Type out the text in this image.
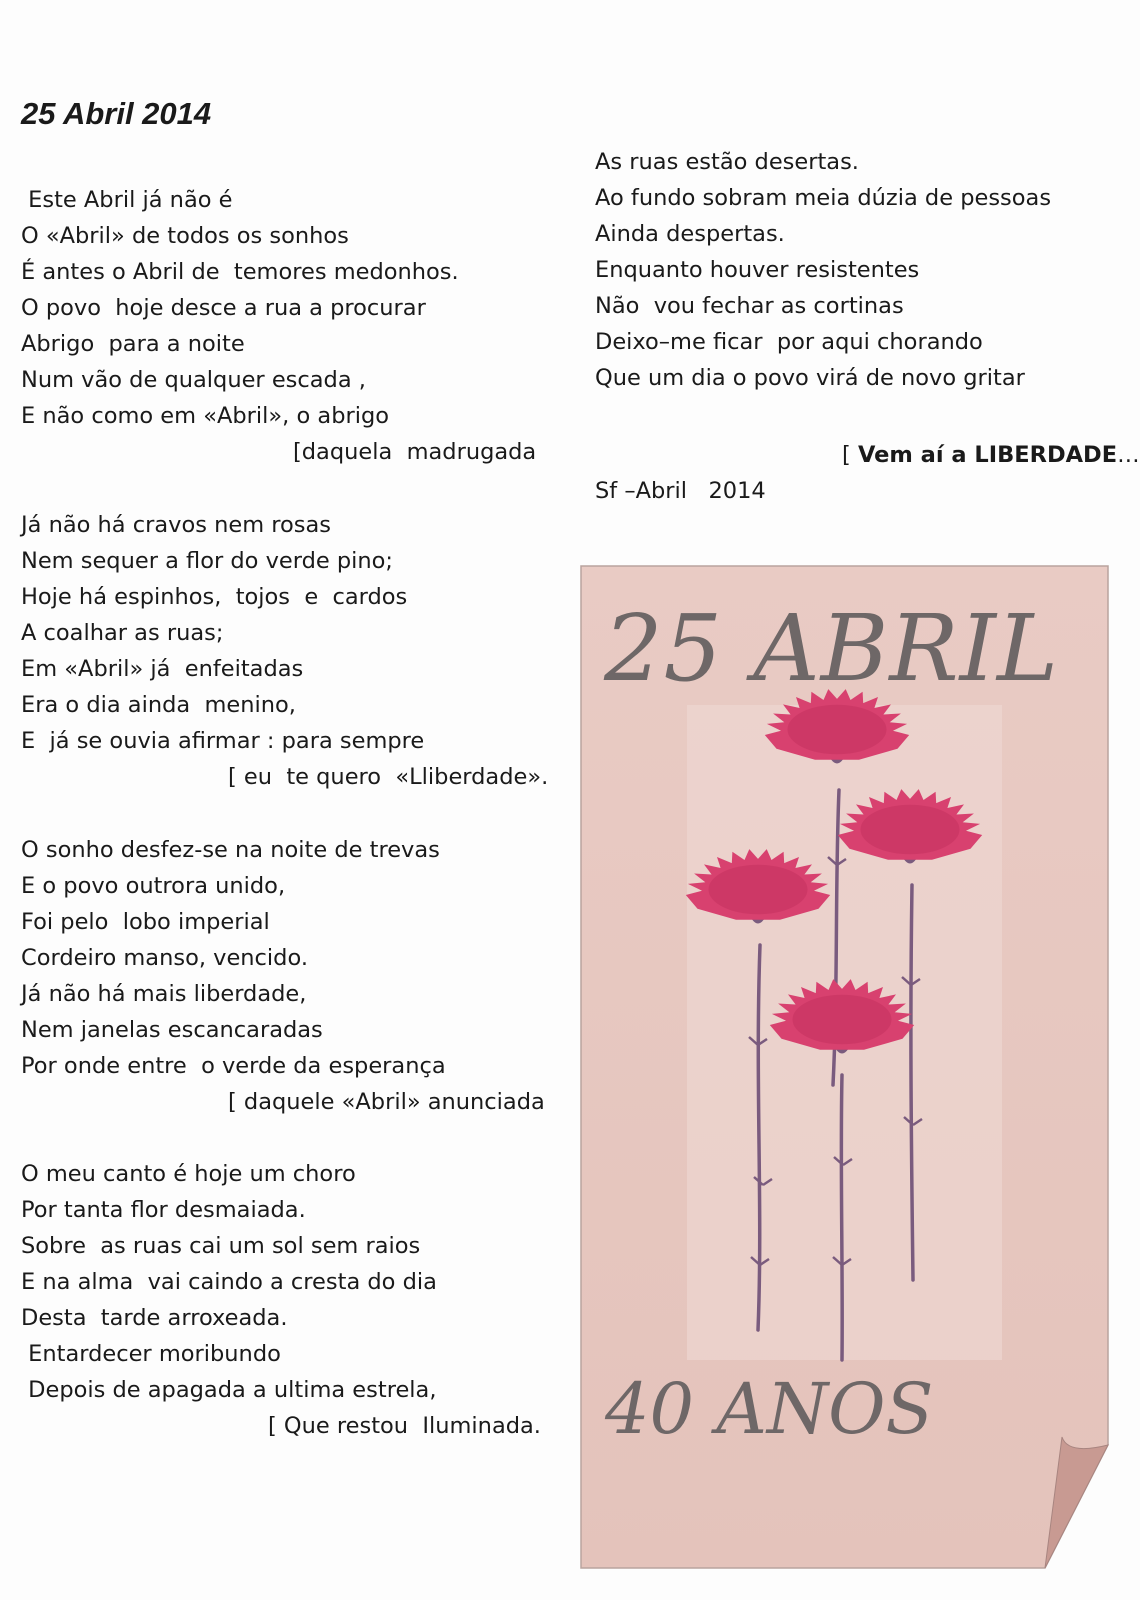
25 Abril 2014
Este Abril já não é
O «Abril» de todos os sonhos
É antes o Abril de  temores medonhos.
O povo  hoje desce a rua a procurar
Abrigo  para a noite
Num vão de qualquer escada ,
E não como em «Abril», o abrigo
[daquela  madrugada
Já não há cravos nem rosas
Nem sequer a flor do verde pino;
Hoje há espinhos,  tojos  e  cardos
A coalhar as ruas;
Em «Abril» já  enfeitadas
Era o dia ainda  menino,
E  já se ouvia afirmar : para sempre
[ eu  te quero  «Lliberdade».
O sonho desfez-se na noite de trevas
E o povo outrora unido,
Foi pelo  lobo imperial
Cordeiro manso, vencido.
Já não há mais liberdade,
Nem janelas escancaradas
Por onde entre  o verde da esperança
[ daquele «Abril» anunciada
O meu canto é hoje um choro
Por tanta flor desmaiada.
Sobre  as ruas cai um sol sem raios
E na alma  vai caindo a cresta do dia
Desta  tarde arroxeada.
Entardecer moribundo
Depois de apagada a ultima estrela,
[ Que restou  Iluminada.
As ruas estão desertas.
Ao fundo sobram meia dúzia de pessoas
Ainda despertas.
Enquanto houver resistentes
Não  vou fechar as cortinas
Deixo–me ficar  por aqui chorando
Que um dia o povo virá de novo gritar
[ Vem aí a LIBERDADE…
Sf –Abril   2014
25 ABRIL
40 ANOS
